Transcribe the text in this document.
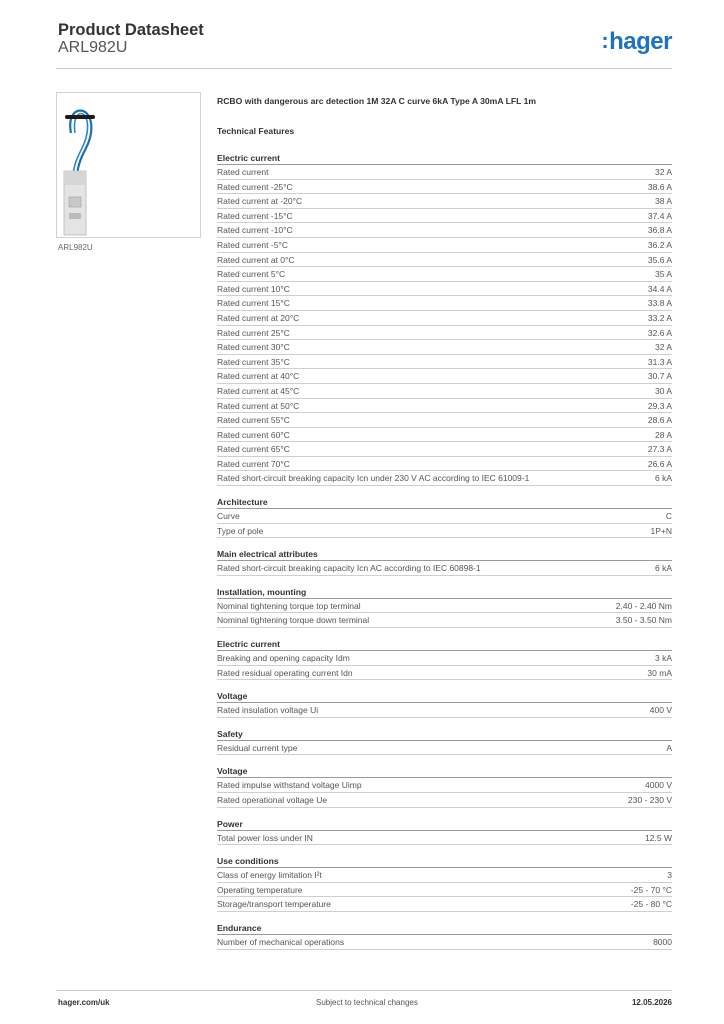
Product Datasheet
ARL982U	:hager
ARL982U
RCBO with dangerous arc detection 1M 32A C curve 6kA Type A 30mA LFL 1m
Technical Features
Electric current
Rated current	32 A
Rated current -25°C	38.6 A
Rated current at -20°C	38 A
Rated current -15°C	37.4 A
Rated current -10°C	36.8 A
Rated current -5°C	36.2 A
Rated current at 0°C	35.6 A
Rated current 5°C	35 A
Rated current 10°C	34.4 A
Rated current 15°C	33.8 A
Rated current at 20°C	33.2 A
Rated current 25°C	32.6 A
Rated current 30°C	32 A
Rated current 35°C	31.3 A
Rated current at 40°C	30.7 A
Rated current at 45°C	30 A
Rated current at 50°C	29.3 A
Rated current 55°C	28.6 A
Rated current 60°C	28 A
Rated current 65°C	27.3 A
Rated current 70°C	26.6 A
Rated short-circuit breaking capacity Icn under 230 V AC according to IEC 61009-1	6 kA
Architecture
Curve	C
Type of pole	1P+N
Main electrical attributes
Rated short-circuit breaking capacity Icn AC according to IEC 60898-1	6 kA
Installation, mounting
Nominal tightening torque top terminal	2.40 - 2.40 Nm
Nominal tightening torque down terminal	3.50 - 3.50 Nm
Electric current
Breaking and opening capacity Idm	3 kA
Rated residual operating current Idn	30 mA
Voltage
Rated insulation voltage Ui	400 V
Safety
Residual current type	A
Voltage
Rated impulse withstand voltage Uimp	4000 V
Rated operational voltage Ue	230 - 230 V
Power
Total power loss under IN	12.5 W
Use conditions
Class of energy limitation I²t	3
Operating temperature	-25 - 70 °C
Storage/transport temperature	-25 - 80 °C
Endurance
Number of mechanical operations	8000
hager.com/uk	Subject to technical changes	12.05.2026
